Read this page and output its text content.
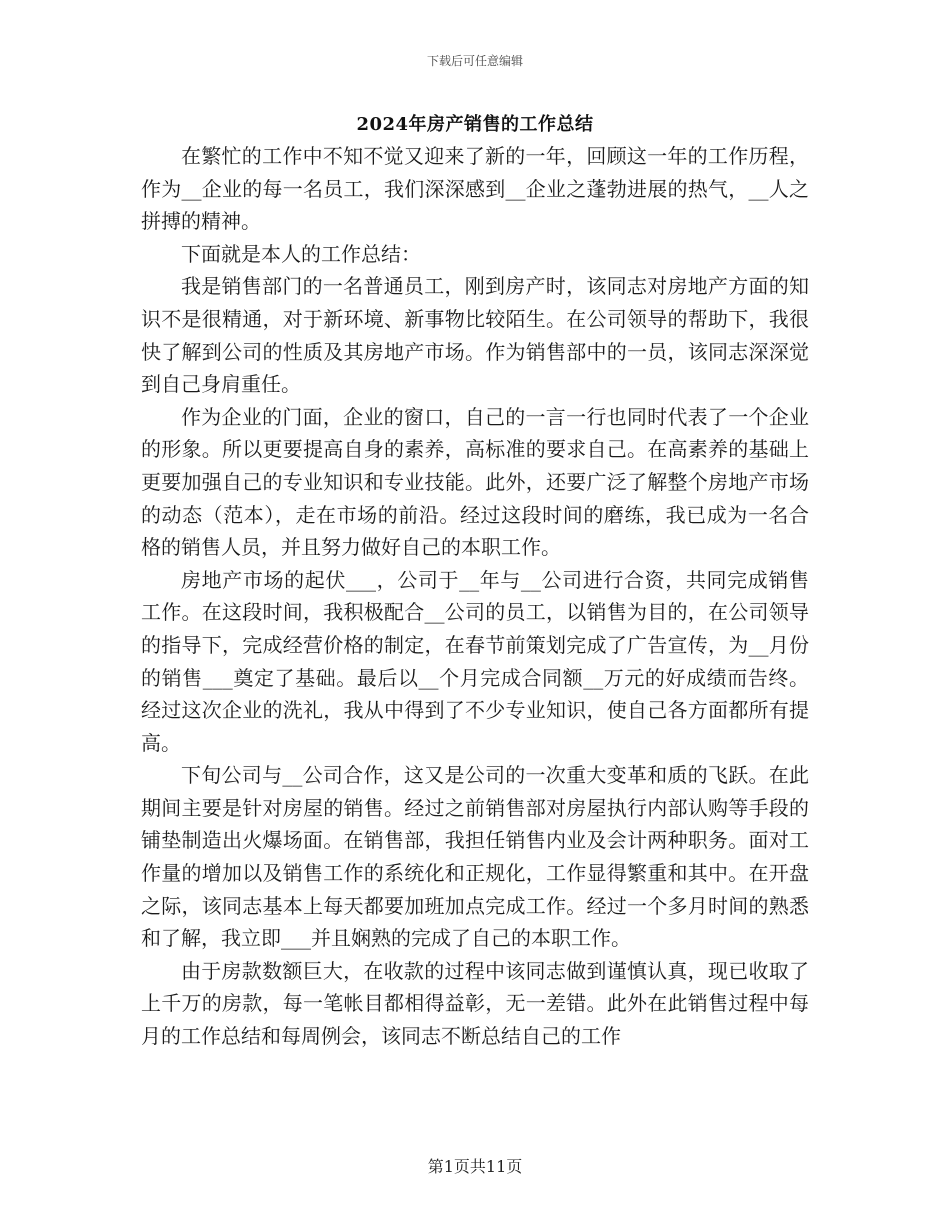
下载后可任意编辑
2024年房产销售的工作总结

在繁忙的工作中不知不觉又迎来了新的一年，回顾这一年的工作历程，作为__企业的每一名员工，我们深深感到__企业之蓬勃进展的热气，__人之拼搏的精神。

下面就是本人的工作总结：

我是销售部门的一名普通员工，刚到房产时，该同志对房地产方面的知识不是很精通，对于新环境、新事物比较陌生。在公司领导的帮助下，我很快了解到公司的性质及其房地产市场。作为销售部中的一员，该同志深深觉到自己身肩重任。

作为企业的门面，企业的窗口，自己的一言一行也同时代表了一个企业的形象。所以更要提高自身的素养，高标准的要求自己。在高素养的基础上更要加强自己的专业知识和专业技能。此外，还要广泛了解整个房地产市场的动态（范本），走在市场的前沿。经过这段时间的磨练，我已成为一名合格的销售人员，并且努力做好自己的本职工作。

房地产市场的起伏___，公司于__年与__公司进行合资，共同完成销售工作。在这段时间，我积极配合__公司的员工，以销售为目的，在公司领导的指导下，完成经营价格的制定，在春节前策划完成了广告宣传，为__月份的销售___奠定了基础。最后以__个月完成合同额__万元的好成绩而告终。经过这次企业的洗礼，我从中得到了不少专业知识，使自己各方面都所有提高。

下旬公司与__公司合作，这又是公司的一次重大变革和质的飞跃。在此期间主要是针对房屋的销售。经过之前销售部对房屋执行内部认购等手段的铺垫制造出火爆场面。在销售部，我担任销售内业及会计两种职务。面对工作量的增加以及销售工作的系统化和正规化，工作显得繁重和其中。在开盘之际，该同志基本上每天都要加班加点完成工作。经过一个多月时间的熟悉和了解，我立即___并且娴熟的完成了自己的本职工作。

由于房款数额巨大，在收款的过程中该同志做到谨慎认真，现已收取了上千万的房款，每一笔帐目都相得益彰，无一差错。此外在此销售过程中每月的工作总结和每周例会，该同志不断总结自己的工作

第1页共11页
